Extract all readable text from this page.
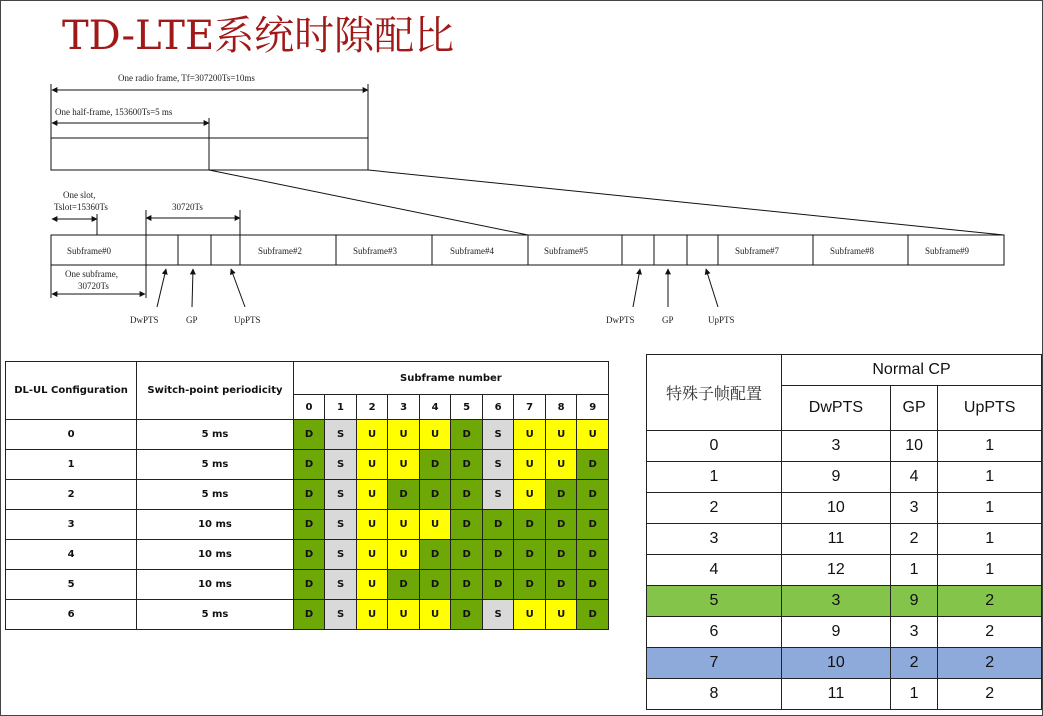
TD-LTE系统时隙配比
One radio frame, Tf=307200Ts=10ms
One half-frame, 153600Ts=5 ms
One slot,
Tslot=15360Ts	30720Ts
Subframe#0	Subframe#2	Subframe#3	Subframe#4	Subframe#5	Subframe#7	Subframe#8	Subframe#9
One subframe,
30720Ts
DwPTS	GP	UpPTS	DwPTS	GP	UpPTS
DL-UL Configuration	Switch-point periodicity	Subframe number									
		0	1	2	3	4	5	6	7	8	9
0	5 ms	D	S	U	U	U	D	S	U	U	U
1	5 ms	D	S	U	U	D	D	S	U	U	D
2	5 ms	D	S	U	D	D	D	S	U	D	D
3	10 ms	D	S	U	U	U	D	D	D	D	D
4	10 ms	D	S	U	U	D	D	D	D	D	D
5	10 ms	D	S	U	D	D	D	D	D	D	D
6	5 ms	D	S	U	U	U	D	S	U	U	D
特殊子帧配置	Normal CP		
	DwPTS	GP	UpPTS
0	3	10	1
1	9	4	1
2	10	3	1
3	11	2	1
4	12	1	1
5	3	9	2
6	9	3	2
7	10	2	2
8	11	1	2
